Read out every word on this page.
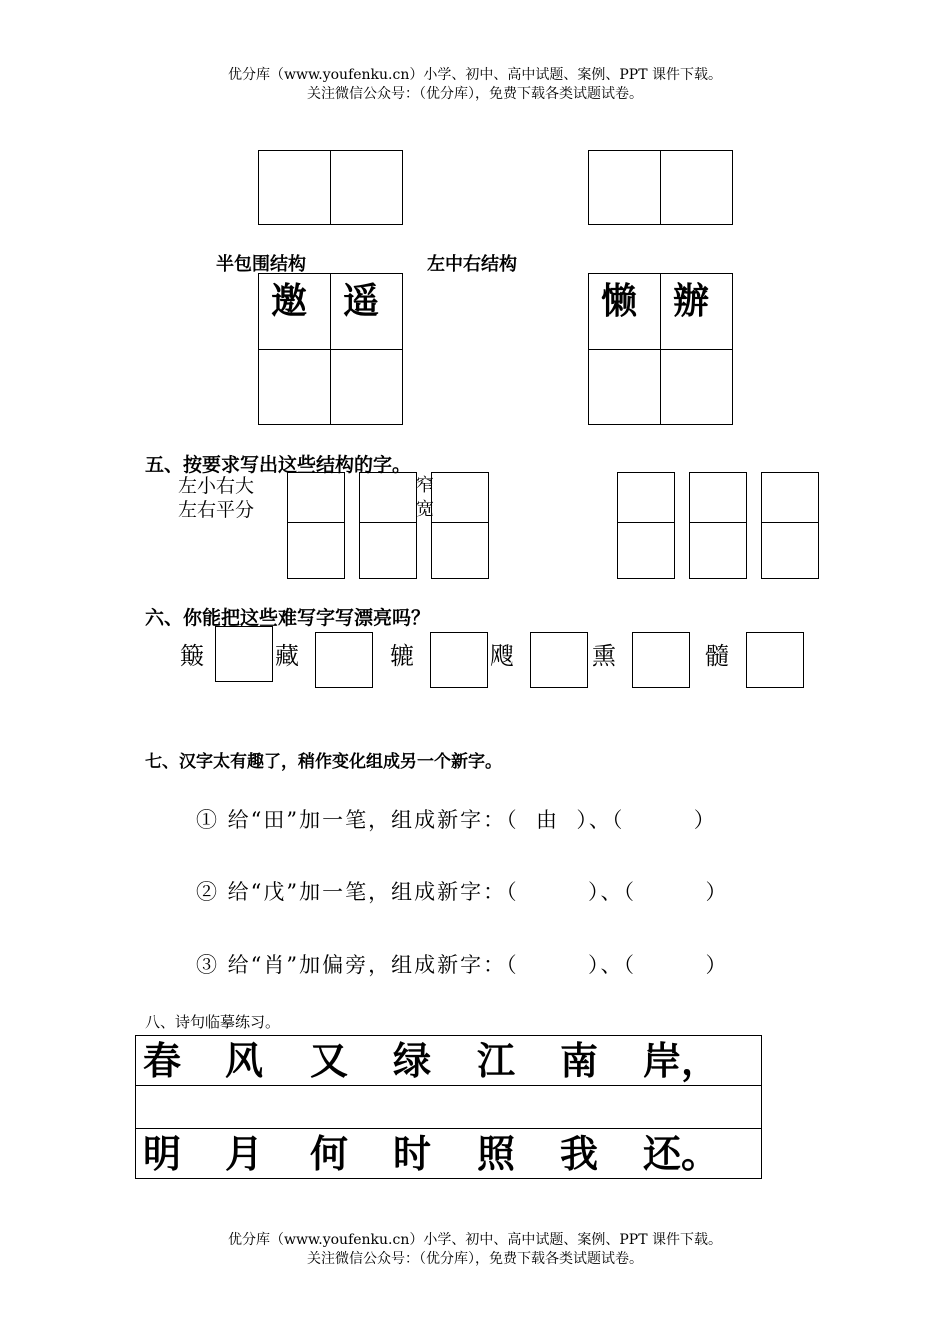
优分库（www.youfenku.cn）小学、初中、高中试题、案例、PPT 课件下载。
关注微信公众号：（优分库），免费下载各类试题试卷。
半包围结构	左中右结构
邀 遥	懒 辦
五、按要求写出这些结构的字。
左小右大
左右平分
窄
宽
六、你能把这些难写字写漂亮吗？
簸	藏	辘	飕	熏	髓
七、汉字太有趣了，稍作变化组成另一个新字。
① 给“田”加一笔，组成新字：（  由  ）、（        ）
② 给“戊”加一笔，组成新字：（        ）、（        ）
③ 给“肖”加偏旁，组成新字：（        ）、（        ）
八、诗句临摹练习。
春 风 又 绿 江 南 岸，
明 月 何 时 照 我 还。
优分库（www.youfenku.cn）小学、初中、高中试题、案例、PPT 课件下载。
关注微信公众号：（优分库），免费下载各类试题试卷。
